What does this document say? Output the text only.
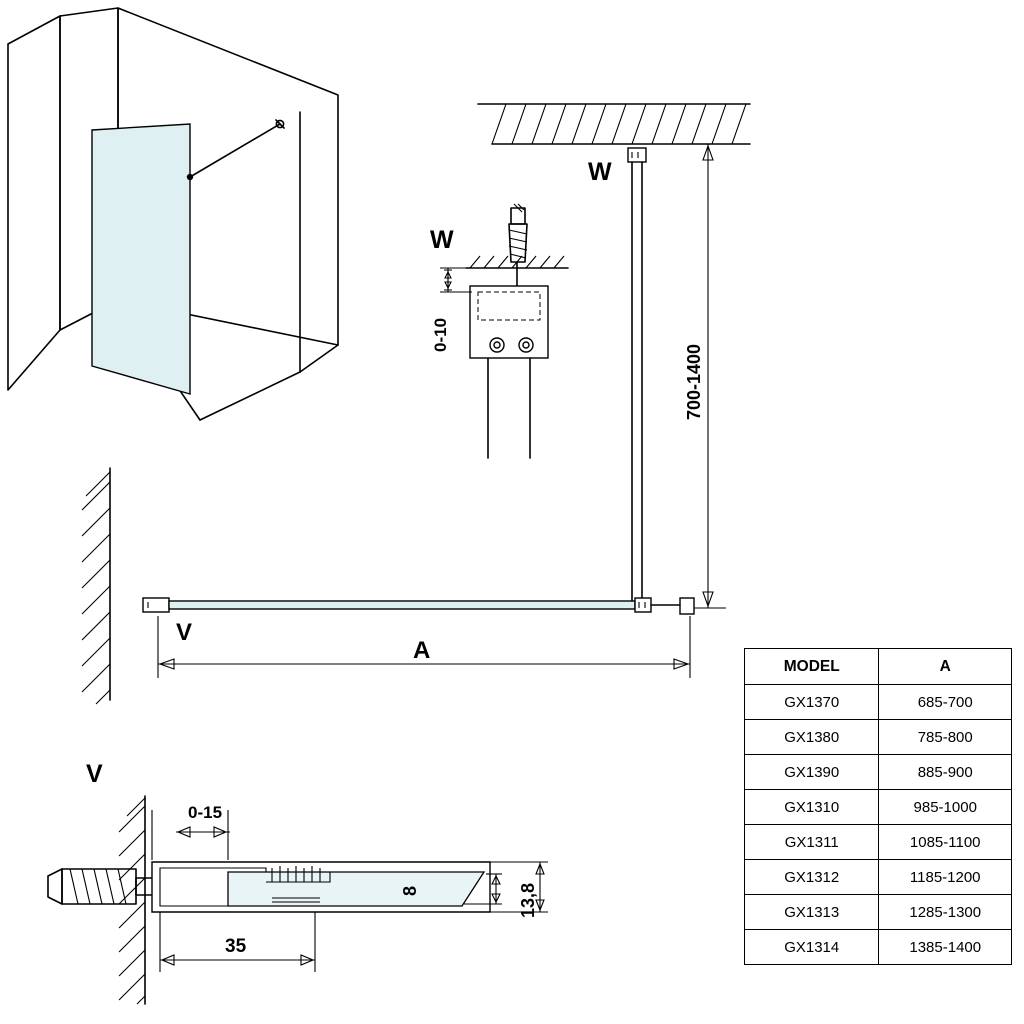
0-10
W
W
700-1400
V
A
V
0-15
8	13,8
35
MODEL	A
GX1370	685-700
GX1380	785-800
GX1390	885-900
GX1310	985-1000
GX1311	1085-1100
GX1312	1185-1200
GX1313	1285-1300
GX1314	1385-1400
